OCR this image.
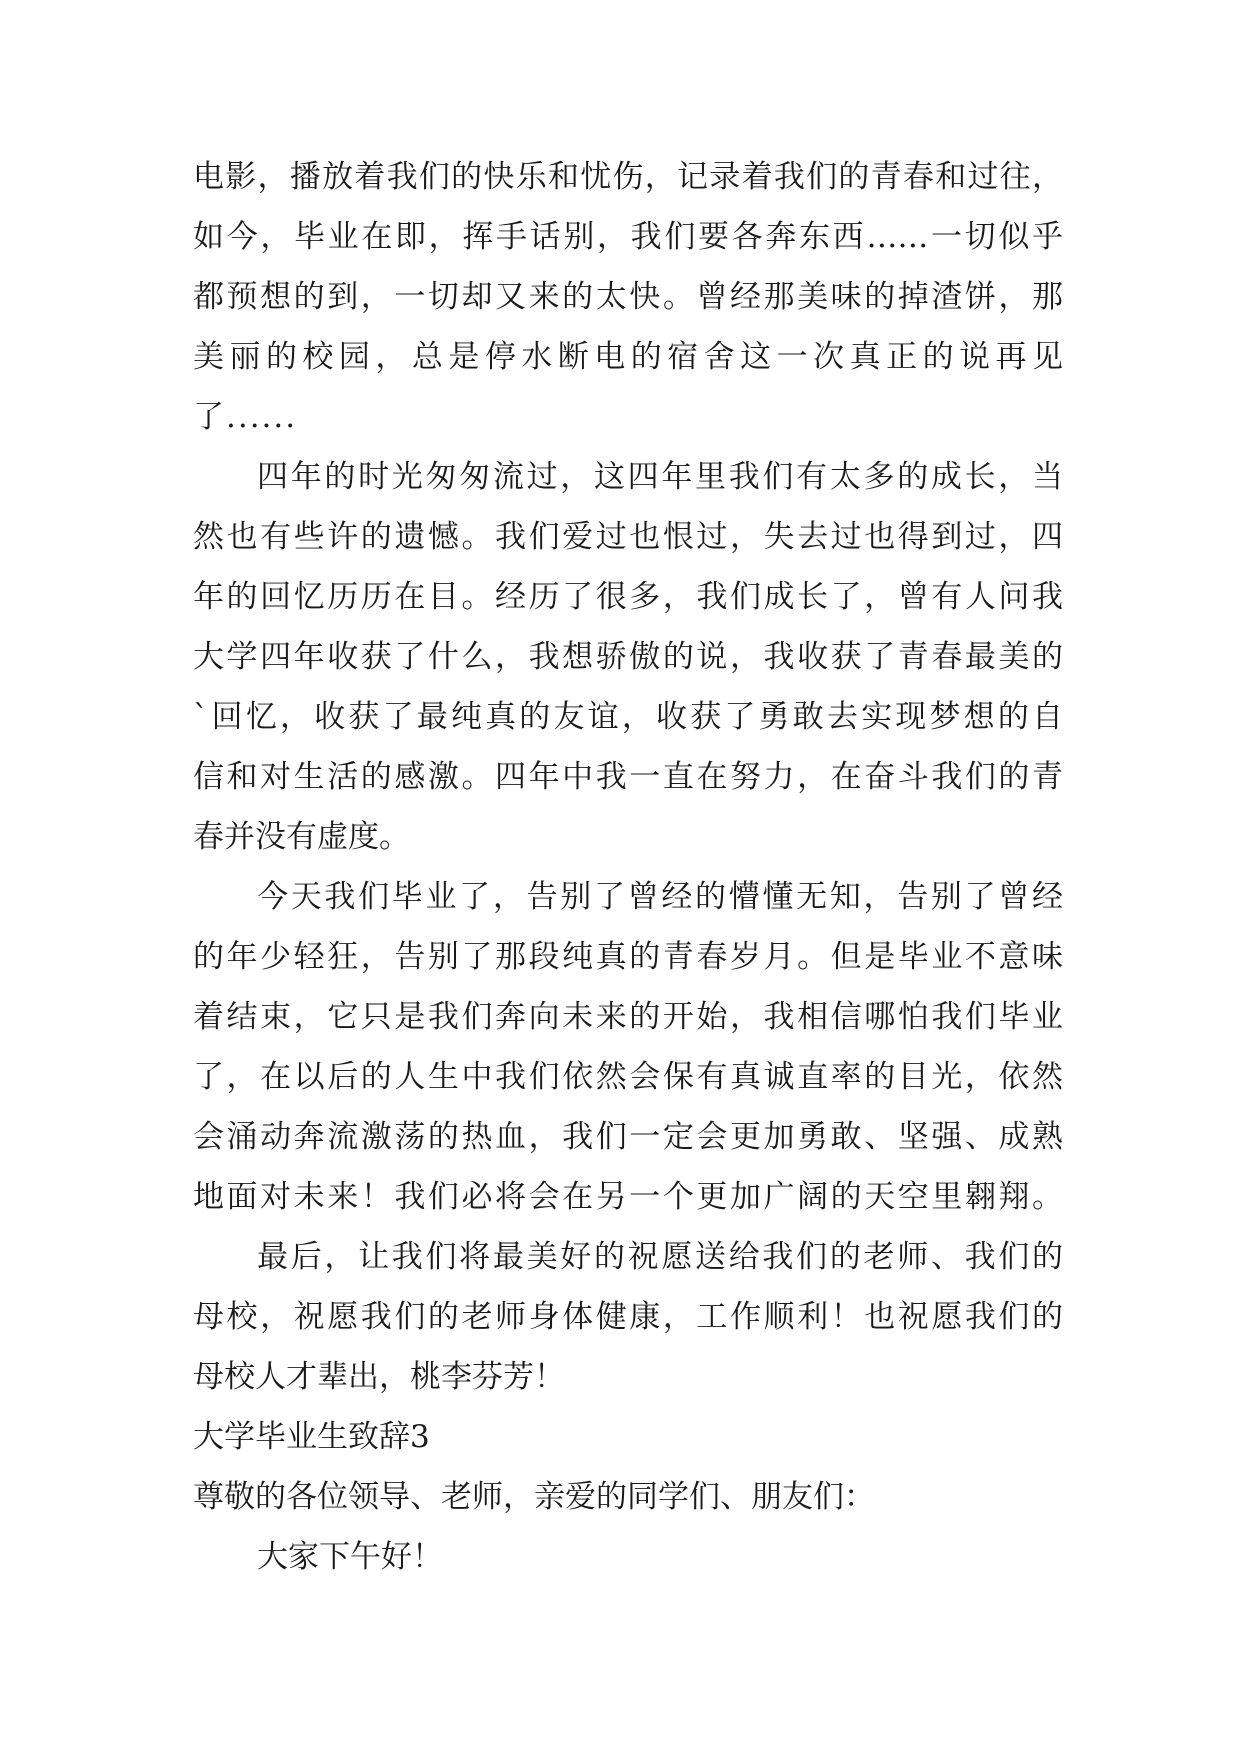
电影，播放着我们的快乐和忧伤，记录着我们的青春和过往，
如今，毕业在即，挥手话别，我们要各奔东西……一切似乎
都预想的到，一切却又来的太快。曾经那美味的掉渣饼，那
美丽的校园，总是停水断电的宿舍这一次真正的说再见
了......
四年的时光匆匆流过，这四年里我们有太多的成长，当
然也有些许的遗憾。我们爱过也恨过，失去过也得到过，四
年的回忆历历在目。经历了很多，我们成长了，曾有人问我
大学四年收获了什么，我想骄傲的说，我收获了青春最美的
`回忆，收获了最纯真的友谊，收获了勇敢去实现梦想的自
信和对生活的感激。四年中我一直在努力，在奋斗我们的青
春并没有虚度。
今天我们毕业了，告别了曾经的懵懂无知，告别了曾经
的年少轻狂，告别了那段纯真的青春岁月。但是毕业不意味
着结束，它只是我们奔向未来的开始，我相信哪怕我们毕业
了，在以后的人生中我们依然会保有真诚直率的目光，依然
会涌动奔流激荡的热血，我们一定会更加勇敢、坚强、成熟
地面对未来！我们必将会在另一个更加广阔的天空里翱翔。
最后，让我们将最美好的祝愿送给我们的老师、我们的
母校，祝愿我们的老师身体健康，工作顺利！也祝愿我们的
母校人才辈出，桃李芬芳！
大学毕业生致辞3
尊敬的各位领导、老师，亲爱的同学们、朋友们：
大家下午好！
